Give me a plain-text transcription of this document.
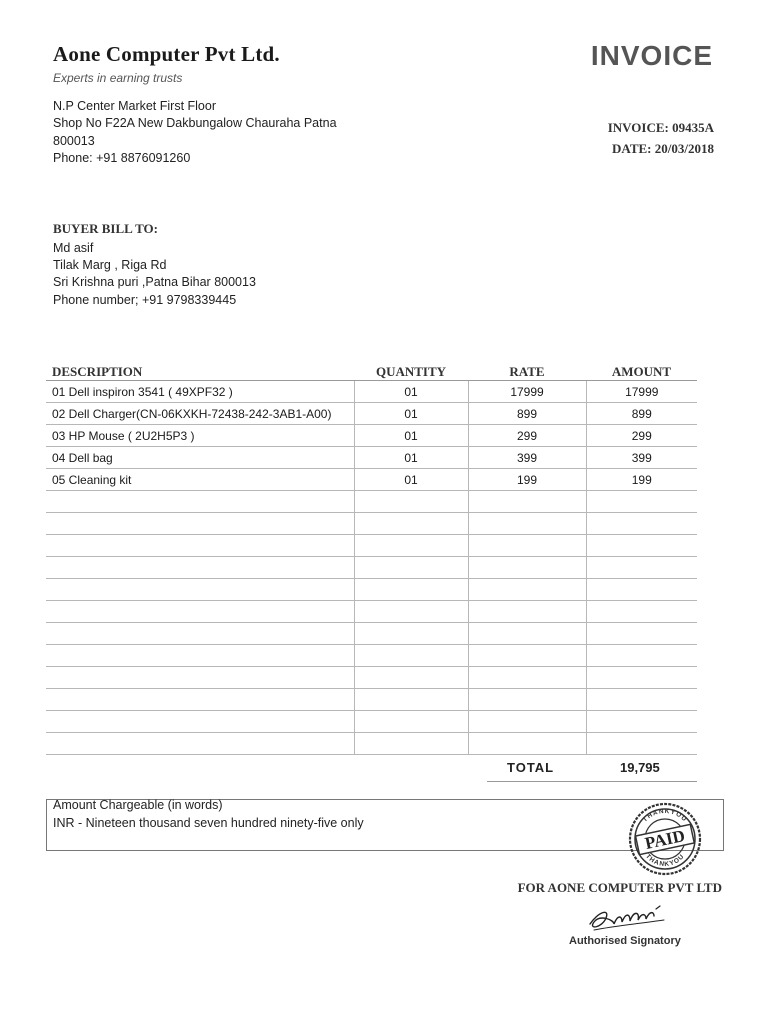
Aone Computer Pvt Ltd.
Experts in earning trusts
N.P Center Market First Floor
Shop No F22A New Dakbungalow Chauraha Patna
800013
Phone: +91 8876091260
INVOICE
INVOICE: 09435A
DATE: 20/03/2018
BUYER BILL TO:
Md asif
Tilak Marg , Riga Rd
Sri Krishna puri ,Patna Bihar 800013
Phone number; +91 9798339445
DESCRIPTION	QUANTITY	RATE	AMOUNT
01 Dell inspiron 3541 ( 49XPF32 )	01	17999	17999
02 Dell Charger(CN-06KXKH-72438-242-3AB1-A00)	01	899	899
03 HP Mouse ( 2U2H5P3 )	01	299	299
04 Dell bag	01	399	399
05 Cleaning kit	01	199	199

TOTAL	19,795
Amount Chargeable (in words)
INR - Nineteen thousand seven hundred ninety-five only	THANKYOU
THANKYOU
PAID
FOR AONE COMPUTER PVT LTD
Authorised Signatory
